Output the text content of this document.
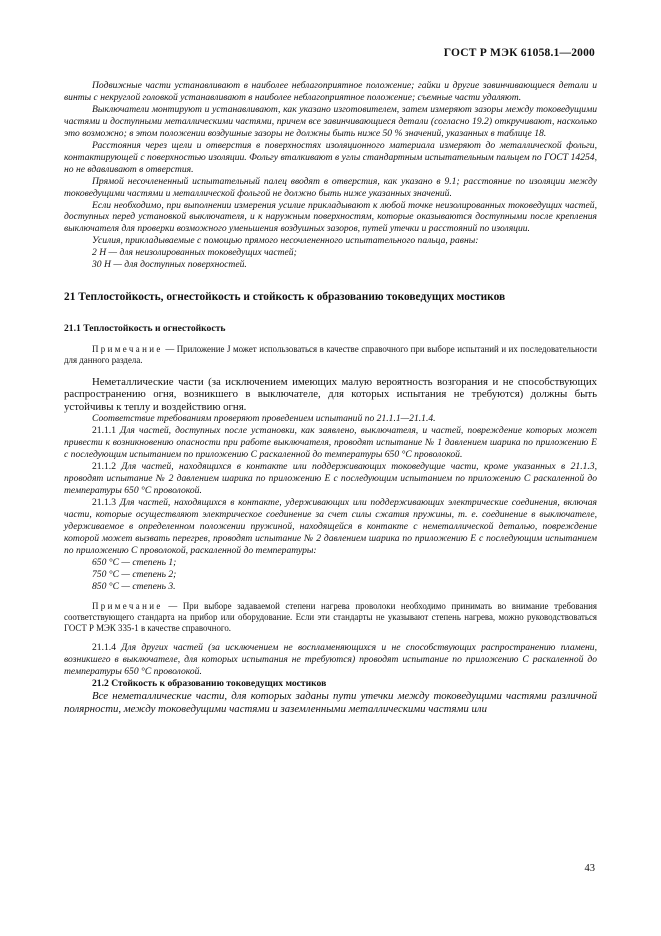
ГОСТ Р МЭК 61058.1—2000

Подвижные части устанавливают в наиболее неблагоприятное положение; гайки и другие завинчивающиеся детали и винты с некруглой головкой устанавливают в наиболее неблагоприятное положение; съемные части удаляют.

Выключатели монтируют и устанавливают, как указано изготовителем, затем измеряют зазоры между токоведущими частями и доступными металлическими частями, причем все завинчивающиеся детали (согласно 19.2) откручивают, насколько это возможно; в этом положении воздушные зазоры не должны быть ниже 50 % значений, указанных в таблице 18.

Расстояния через щели и отверстия в поверхностях изоляционного материала измеряют до металлической фольги, контактирующей с поверхностью изоляции. Фольгу вталкивают в углы стандартным испытательным пальцем по ГОСТ 14254, но не вдавливают в отверстия.

Прямой несочлененный испытательный палец вводят в отверстия, как указано в 9.1; расстояние по изоляции между токоведущими частями и металлической фольгой не должно быть ниже указанных значений.

Если необходимо, при выполнении измерения усилие прикладывают к любой точке неизолированных токоведущих частей, доступных перед установкой выключателя, и к наружным поверхностям, которые оказываются доступными после крепления выключателя для проверки возможного уменьшения воздушных зазоров, путей утечки и расстояний по изоляции.

Усилия, прикладываемые с помощью прямого несочлененного испытательного пальца, равны:

2 Н — для неизолированных токоведущих частей;

30 Н — для доступных поверхностей.

21 Теплостойкость, огнестойкость и стойкость к образованию токоведущих мостиков

21.1 Теплостойкость и огнестойкость

Примечание — Приложение J может использоваться в качестве справочного при выборе испытаний и их последовательности для данного раздела.

Неметаллические части (за исключением имеющих малую вероятность возгорания и не способствующих распространению огня, возникшего в выключателе, для которых испытания не требуются) должны быть устойчивы к теплу и воздействию огня.

Соответствие требованиям проверяют проведением испытаний по 21.1.1—21.1.4.

21.1.1 Для частей, доступных после установки, как заявлено, выключателя, и частей, повреждение которых может привести к возникновению опасности при работе выключателя, проводят испытание № 1 давлением шарика по приложению Е с последующим испытанием по приложению С раскаленной до температуры 650 °С проволокой.

21.1.2 Для частей, находящихся в контакте или поддерживающих токоведущие части, кроме указанных в 21.1.3, проводят испытание № 2 давлением шарика по приложению Е с последующим испытанием по приложению С раскаленной до температуры 650 °С проволокой.

21.1.3 Для частей, находящихся в контакте, удерживающих или поддерживающих электрические соединения, включая части, которые осуществляют электрическое соединение за счет силы сжатия пружины, т. е. соединение в выключателе, удерживаемое в определенном положении пружиной, находящейся в контакте с неметаллической деталью, повреждение которой может вызвать перегрев, проводят испытание № 2 давлением шарика по приложению Е с последующим испытанием по приложению С проволокой, раскаленной до температуры:

650 °С — степень 1;

750 °С — степень 2;

850 °С — степень 3.

Примечание — При выборе задаваемой степени нагрева проволоки необходимо принимать во внимание требования соответствующего стандарта на прибор или оборудование. Если эти стандарты не указывают степень нагрева, можно руководствоваться ГОСТ Р МЭК 335-1 в качестве справочного.

21.1.4 Для других частей (за исключением не воспламеняющихся и не способствующих распространению пламени, возникшего в выключателе, для которых испытания не требуются) проводят испытание по приложению С раскаленной до температуры 650 °С проволокой.

21.2 Стойкость к образованию токоведущих мостиков

Все неметаллические части, для которых заданы пути утечки между токоведущими частями различной полярности, между токоведущими частями и заземленными металлическими частями или

43
